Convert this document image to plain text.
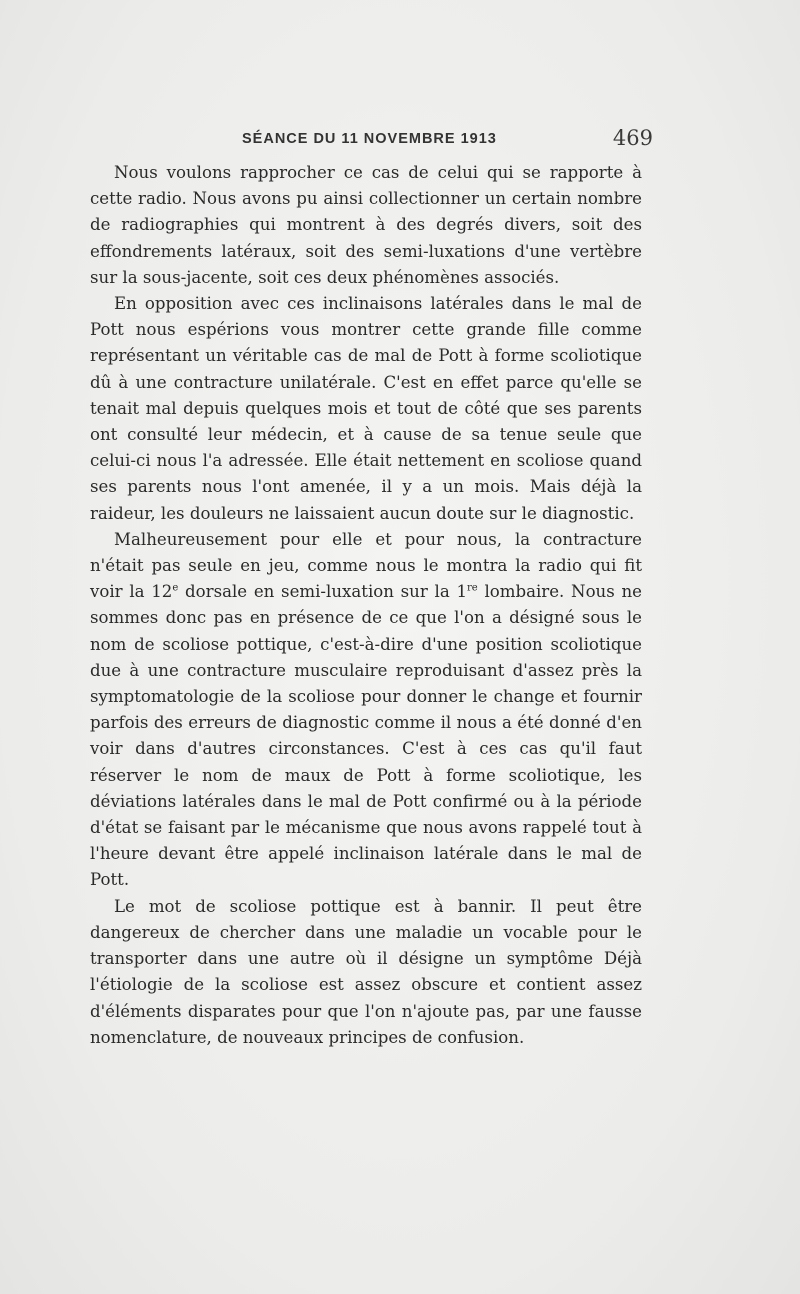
SÉANCE DU 11 NOVEMBRE 1913	469

Nous voulons rapprocher ce cas de celui qui se rapporte à cette radio. Nous avons pu ainsi collectionner un certain nombre de radiographies qui montrent à des degrés divers, soit des effondrements latéraux, soit des semi-luxations d'une vertèbre sur la sous-jacente, soit ces deux phénomènes associés.

En opposition avec ces inclinaisons latérales dans le mal de Pott nous espérions vous montrer cette grande fille comme représentant un véritable cas de mal de Pott à forme scoliotique dû à une contracture unilatérale. C'est en effet parce qu'elle se tenait mal depuis quelques mois et tout de côté que ses parents ont consulté leur médecin, et à cause de sa tenue seule que celui-ci nous l'a adressée. Elle était nettement en scoliose quand ses parents nous l'ont amenée, il y a un mois. Mais déjà la raideur, les douleurs ne laissaient aucun doute sur le diagnostic.

Malheureusement pour elle et pour nous, la contracture n'était pas seule en jeu, comme nous le montra la radio qui fit voir la 12e dorsale en semi-luxation sur la 1re lombaire. Nous ne sommes donc pas en présence de ce que l'on a désigné sous le nom de scoliose pottique, c'est-à-dire d'une position scoliotique due à une contracture musculaire reproduisant d'assez près la symptomatologie de la scoliose pour donner le change et fournir parfois des erreurs de diagnostic comme il nous a été donné d'en voir dans d'autres circonstances. C'est à ces cas qu'il faut réserver le nom de maux de Pott à forme scoliotique, les déviations latérales dans le mal de Pott confirmé ou à la période d'état se faisant par le mécanisme que nous avons rappelé tout à l'heure devant être appelé inclinaison latérale dans le mal de Pott.

Le mot de scoliose pottique est à bannir. Il peut être dangereux de chercher dans une maladie un vocable pour le transporter dans une autre où il désigne un symptôme Déjà l'étiologie de la scoliose est assez obscure et contient assez d'éléments disparates pour que l'on n'ajoute pas, par une fausse nomenclature, de nouveaux principes de confusion.
